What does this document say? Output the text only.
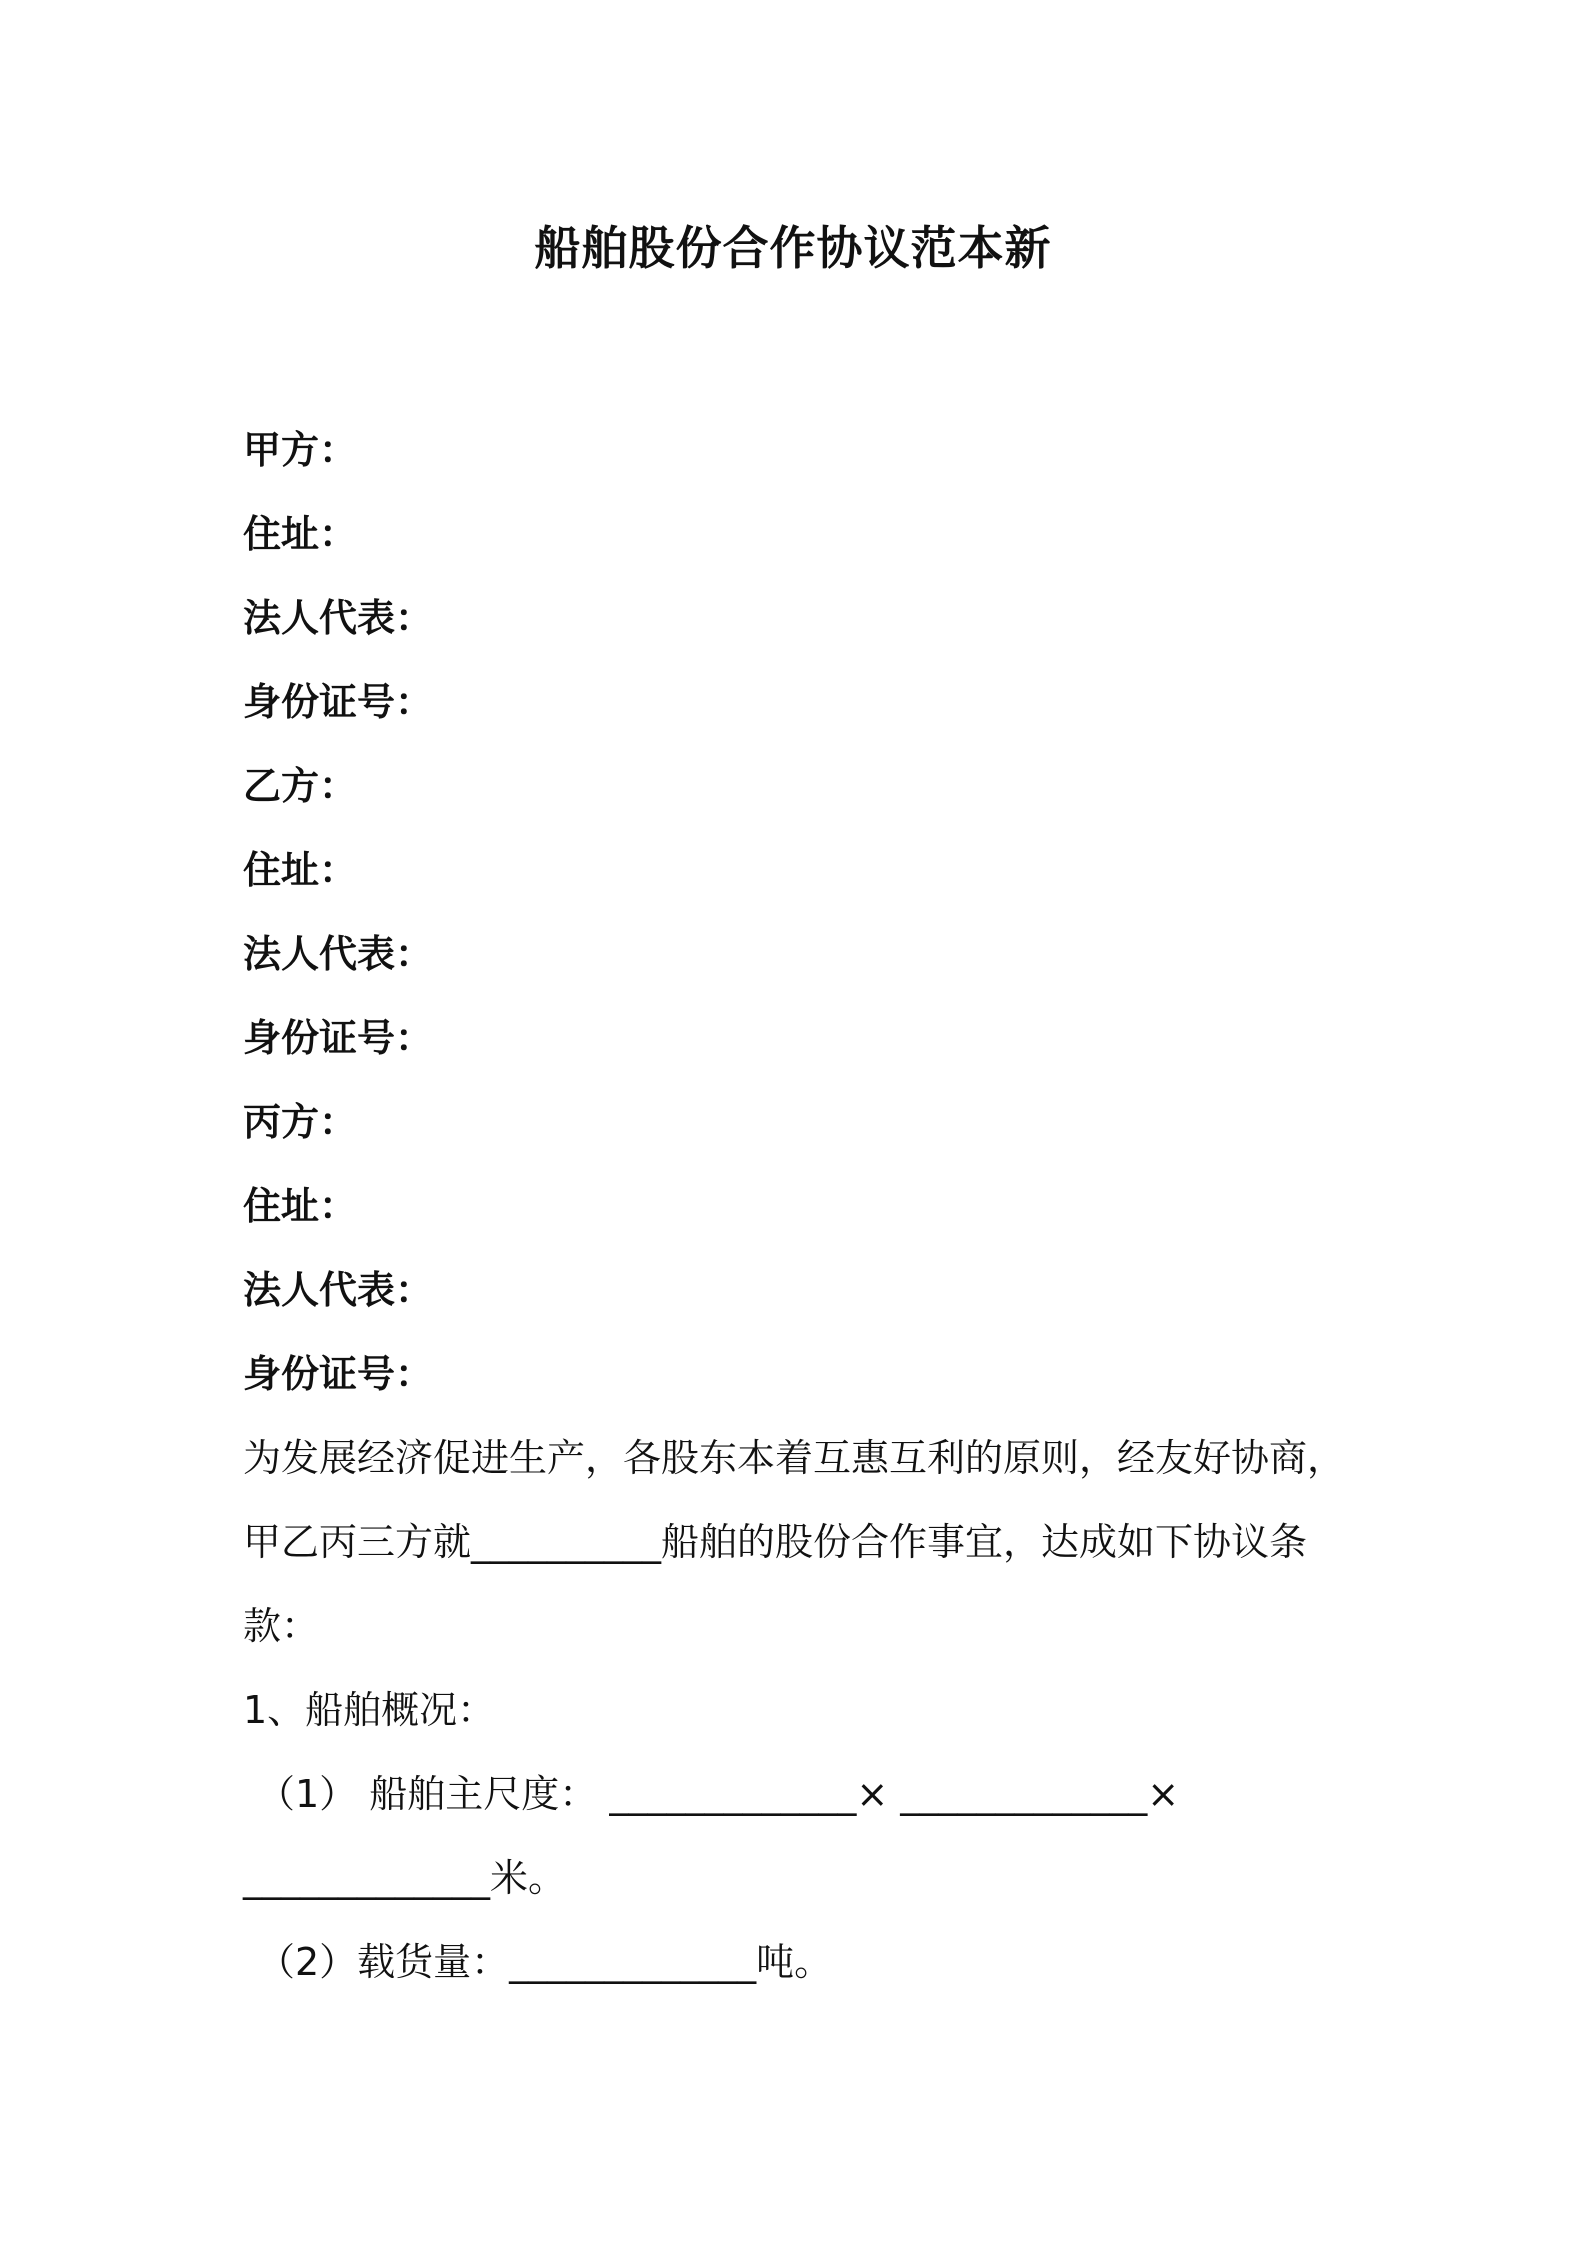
船舶股份合作协议范本新
甲方：
住址：
法人代表：
身份证号：
乙方：
住址：
法人代表：
身份证号：
丙方：
住址：
法人代表：
身份证号：
为发展经济促进生产，各股东本着互惠互利的原则，经友好协商，
甲乙丙三方就__________船舶的股份合作事宜，达成如下协议条
款：
1、船舶概况：
（1） 船舶主尺度： _____________× _____________×
_____________米。
（2）载货量：_____________吨。
